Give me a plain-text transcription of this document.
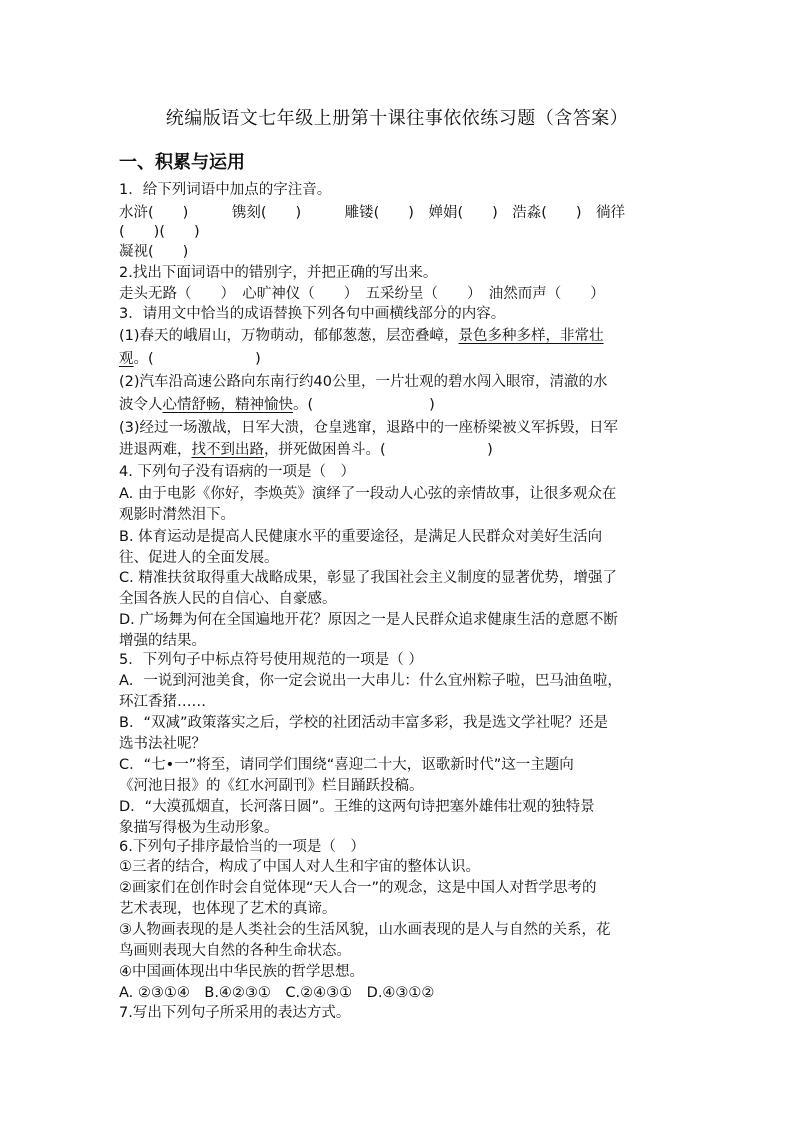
统编版语文七年级上册第十课往事依依练习题（含答案）
一、积累与运用
1．给下列词语中加点的字注音。
水浒(　　)　　　镌刻(　　)　　　雕镂(　　)　婵娟(　　)　浩淼(　　)　徜徉
(　　)(　　)
凝视(　　)
2.找出下面词语中的错别字，并把正确的写出来。
走头无路（　　）　心旷神仪（　　）　五采纷呈（　　）　油然而声（　　）
3．请用文中恰当的成语替换下列各句中画横线部分的内容。
(1)春天的峨眉山，万物萌动，郁郁葱葱，层峦叠嶂，景色多种多样，非常壮
观。(　　　　　　　)
(2)汽车沿高速公路向东南行约40公里，一片壮观的碧水闯入眼帘，清澈的水
波令人心情舒畅，精神愉快。(　　　　　　　　)
(3)经过一场激战，日军大溃，仓皇逃窜，退路中的一座桥梁被义军拆毁，日军
进退两难，找不到出路，拼死做困兽斗。(　　　　　　　)
4. 下列句子没有语病的一项是（　）
A. 由于电影《你好，李焕英》演绎了一段动人心弦的亲情故事，让很多观众在
观影时潸然泪下。
B. 体育运动是提高人民健康水平的重要途径，是满足人民群众对美好生活向
往、促进人的全面发展。
C. 精准扶贫取得重大战略成果，彰显了我国社会主义制度的显著优势，增强了
全国各族人民的自信心、自豪感。
D. 广场舞为何在全国遍地开花？原因之一是人民群众追求健康生活的意愿不断
增强的结果。
5．下列句子中标点符号使用规范的一项是（ ）
A．一说到河池美食，你一定会说出一大串儿：什么宜州粽子啦，巴马油鱼啦，
环江香猪……
B．“双减”政策落实之后，学校的社团活动丰富多彩，我是选文学社呢？还是
选书法社呢？
C．“七•一”将至，请同学们围绕“喜迎二十大，讴歌新时代”这一主题向
《河池日报》的《红水河副刊》栏目踊跃投稿。
D．“大漠孤烟直，长河落日圆”。王维的这两句诗把塞外雄伟壮观的独特景
象描写得极为生动形象。
6.下列句子排序最恰当的一项是（　）
①三者的结合，构成了中国人对人生和宇宙的整体认识。
②画家们在创作时会自觉体现“天人合一”的观念，这是中国人对哲学思考的
艺术表现，也体现了艺术的真谛。
③人物画表现的是人类社会的生活风貌，山水画表现的是人与自然的关系，花
鸟画则表现大自然的各种生命状态。
④中国画体现出中华民族的哲学思想。
A. ②③①④　B.④②③①　C.②④③①　D.④③①②
7.写出下列句子所采用的表达方式。
